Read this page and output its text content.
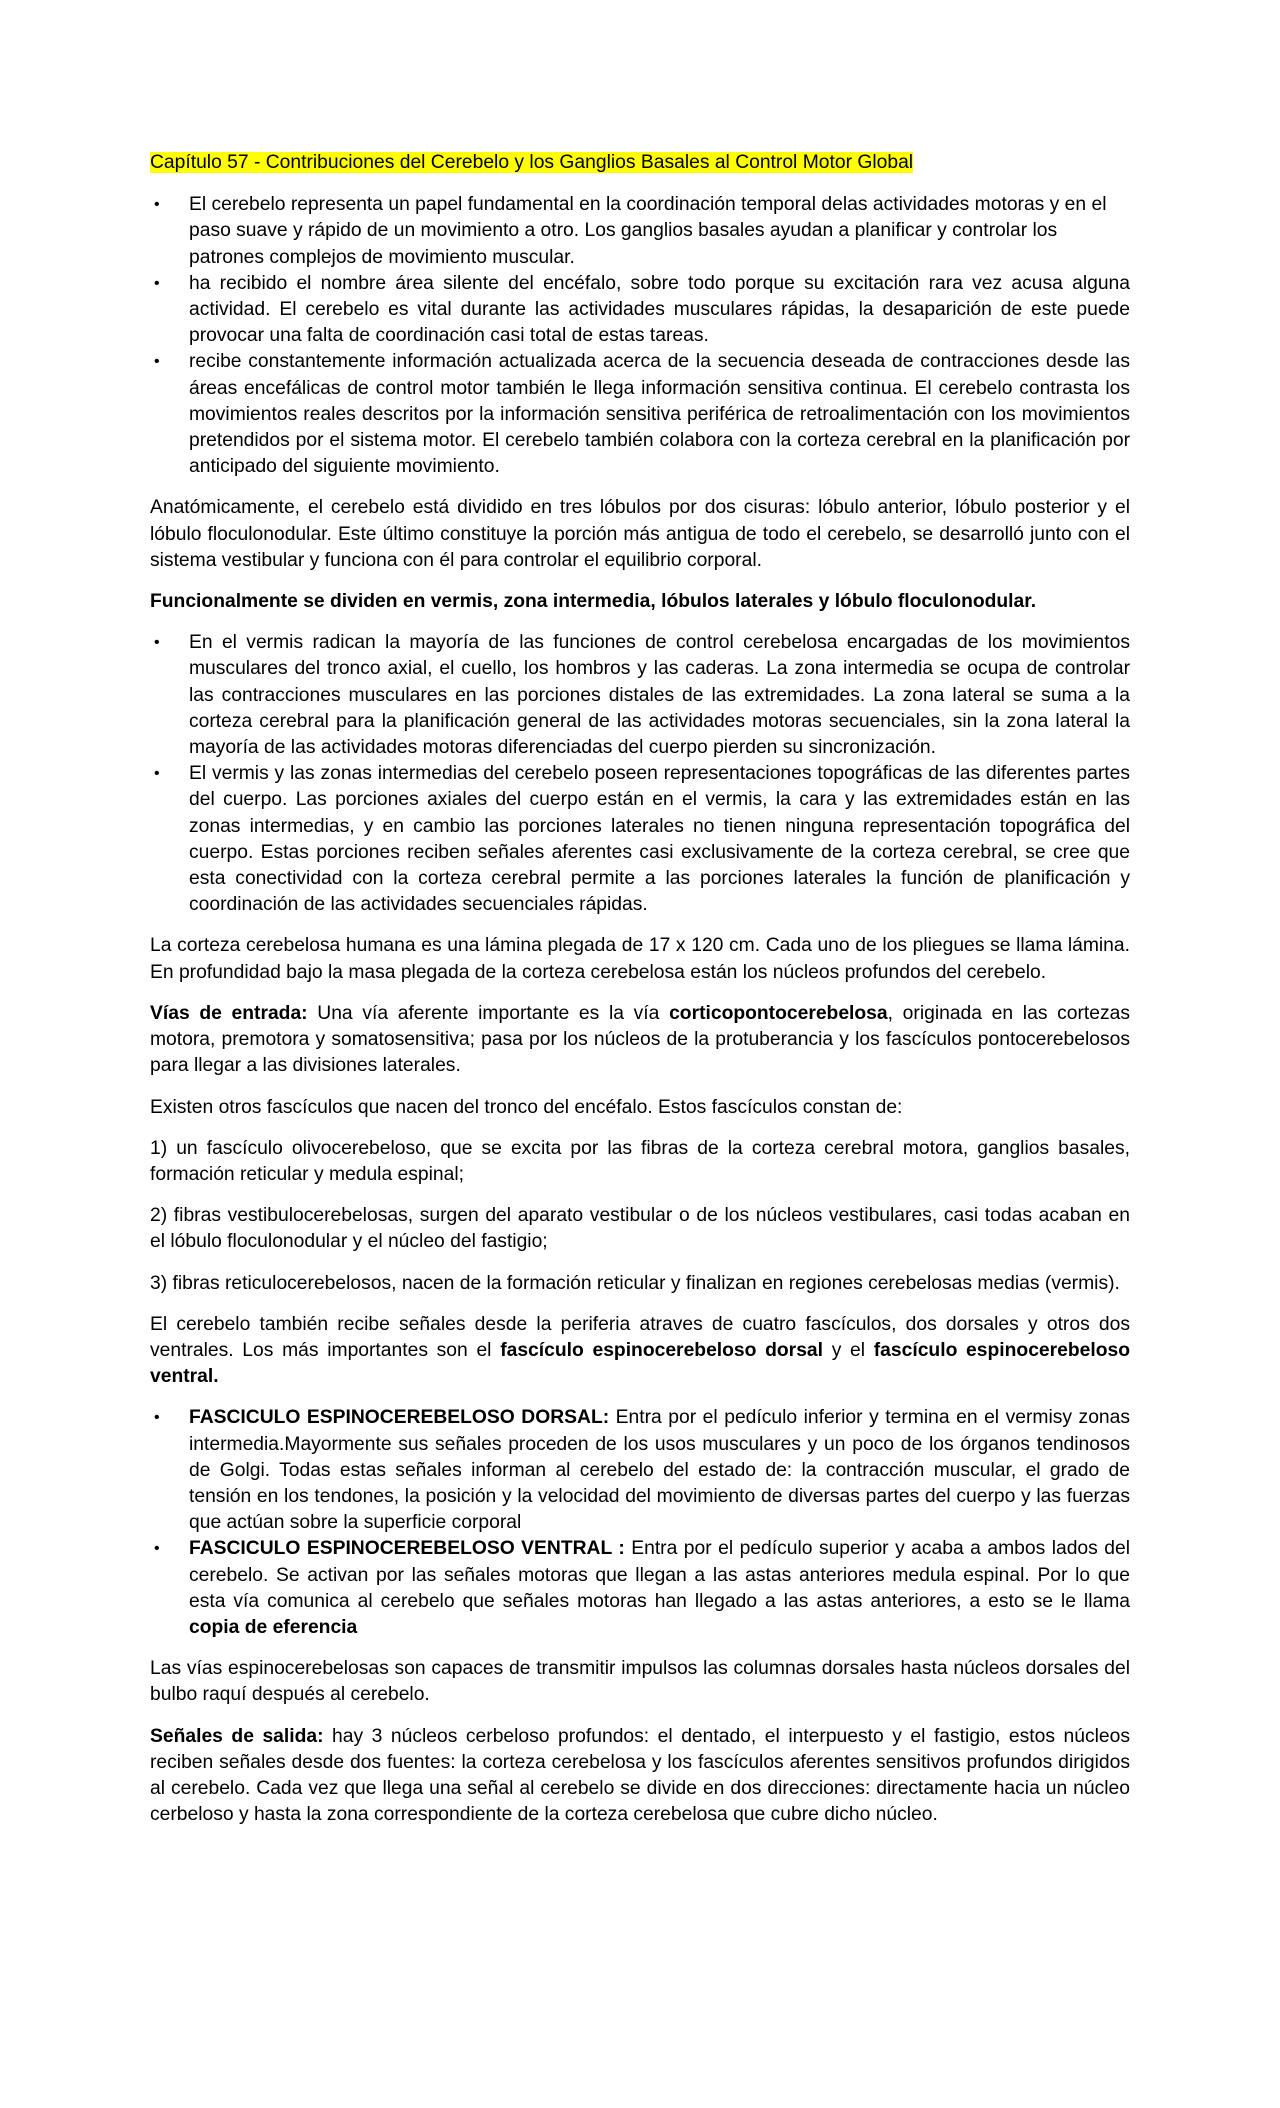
Capítulo 57 - Contribuciones del Cerebelo y los Ganglios Basales al Control Motor Global

• El cerebelo representa un papel fundamental en la coordinación temporal delas actividades motoras y en el paso suave y rápido de un movimiento a otro. Los ganglios basales ayudan a planificar y controlar los patrones complejos de movimiento muscular.
• ha recibido el nombre área silente del encéfalo, sobre todo porque su excitación rara vez acusa alguna actividad. El cerebelo es vital durante las actividades musculares rápidas, la desaparición de este puede provocar una falta de coordinación casi total de estas tareas.
• recibe constantemente información actualizada acerca de la secuencia deseada de contracciones desde las áreas encefálicas de control motor también le llega información sensitiva continua. El cerebelo contrasta los movimientos reales descritos por la información sensitiva periférica de retroalimentación con los movimientos pretendidos por el sistema motor. El cerebelo también colabora con la corteza cerebral en la planificación por anticipado del siguiente movimiento.

Anatómicamente, el cerebelo está dividido en tres lóbulos por dos cisuras: lóbulo anterior, lóbulo posterior y el lóbulo floculonodular. Este último constituye la porción más antigua de todo el cerebelo, se desarrolló junto con el sistema vestibular y funciona con él para controlar el equilibrio corporal.

Funcionalmente se dividen en vermis, zona intermedia, lóbulos laterales y lóbulo floculonodular.

• En el vermis radican la mayoría de las funciones de control cerebelosa encargadas de los movimientos musculares del tronco axial, el cuello, los hombros y las caderas. La zona intermedia se ocupa de controlar las contracciones musculares en las porciones distales de las extremidades. La zona lateral se suma a la corteza cerebral para la planificación general de las actividades motoras secuenciales, sin la zona lateral la mayoría de las actividades motoras diferenciadas del cuerpo pierden su sincronización.
• El vermis y las zonas intermedias del cerebelo poseen representaciones topográficas de las diferentes partes del cuerpo. Las porciones axiales del cuerpo están en el vermis, la cara y las extremidades están en las zonas intermedias, y en cambio las porciones laterales no tienen ninguna representación topográfica del cuerpo. Estas porciones reciben señales aferentes casi exclusivamente de la corteza cerebral, se cree que esta conectividad con la corteza cerebral permite a las porciones laterales la función de planificación y coordinación de las actividades secuenciales rápidas.

La corteza cerebelosa humana es una lámina plegada de 17 x 120 cm. Cada uno de los pliegues se llama lámina. En profundidad bajo la masa plegada de la corteza cerebelosa están los núcleos profundos del cerebelo.

Vías de entrada: Una vía aferente importante es la vía corticopontocerebelosa, originada en las cortezas motora, premotora y somatosensitiva; pasa por los núcleos de la protuberancia y los fascículos pontocerebelosos para llegar a las divisiones laterales.

Existen otros fascículos que nacen del tronco del encéfalo. Estos fascículos constan de:

1) un fascículo olivocerebeloso, que se excita por las fibras de la corteza cerebral motora, ganglios basales, formación reticular y medula espinal;

2) fibras vestibulocerebelosas, surgen del aparato vestibular o de los núcleos vestibulares, casi todas acaban en el lóbulo floculonodular y el núcleo del fastigio;

3) fibras reticulocerebelosos, nacen de la formación reticular y finalizan en regiones cerebelosas medias (vermis).

El cerebelo también recibe señales desde la periferia atraves de cuatro fascículos, dos dorsales y otros dos ventrales. Los más importantes son el fascículo espinocerebeloso dorsal y el fascículo espinocerebeloso ventral.

• FASCICULO ESPINOCEREBELOSO DORSAL: Entra por el pedículo inferior y termina en el vermisy zonas intermedia.Mayormente sus señales proceden de los usos musculares y un poco de los órganos tendinosos de Golgi. Todas estas señales informan al cerebelo del estado de: la contracción muscular, el grado de tensión en los tendones, la posición y la velocidad del movimiento de diversas partes del cuerpo y las fuerzas que actúan sobre la superficie corporal
• FASCICULO ESPINOCEREBELOSO VENTRAL : Entra por el pedículo superior y acaba a ambos lados del cerebelo. Se activan por las señales motoras que llegan a las astas anteriores medula espinal. Por lo que esta vía comunica al cerebelo que señales motoras han llegado a las astas anteriores, a esto se le llama copia de eferencia

Las vías espinocerebelosas son capaces de transmitir impulsos las columnas dorsales hasta núcleos dorsales del bulbo raquí después al cerebelo.

Señales de salida: hay 3 núcleos cerbeloso profundos: el dentado, el interpuesto y el fastigio, estos núcleos reciben señales desde dos fuentes: la corteza cerebelosa y los fascículos aferentes sensitivos profundos dirigidos al cerebelo. Cada vez que llega una señal al cerebelo se divide en dos direcciones: directamente hacia un núcleo cerbeloso y hasta la zona correspondiente de la corteza cerebelosa que cubre dicho núcleo.
